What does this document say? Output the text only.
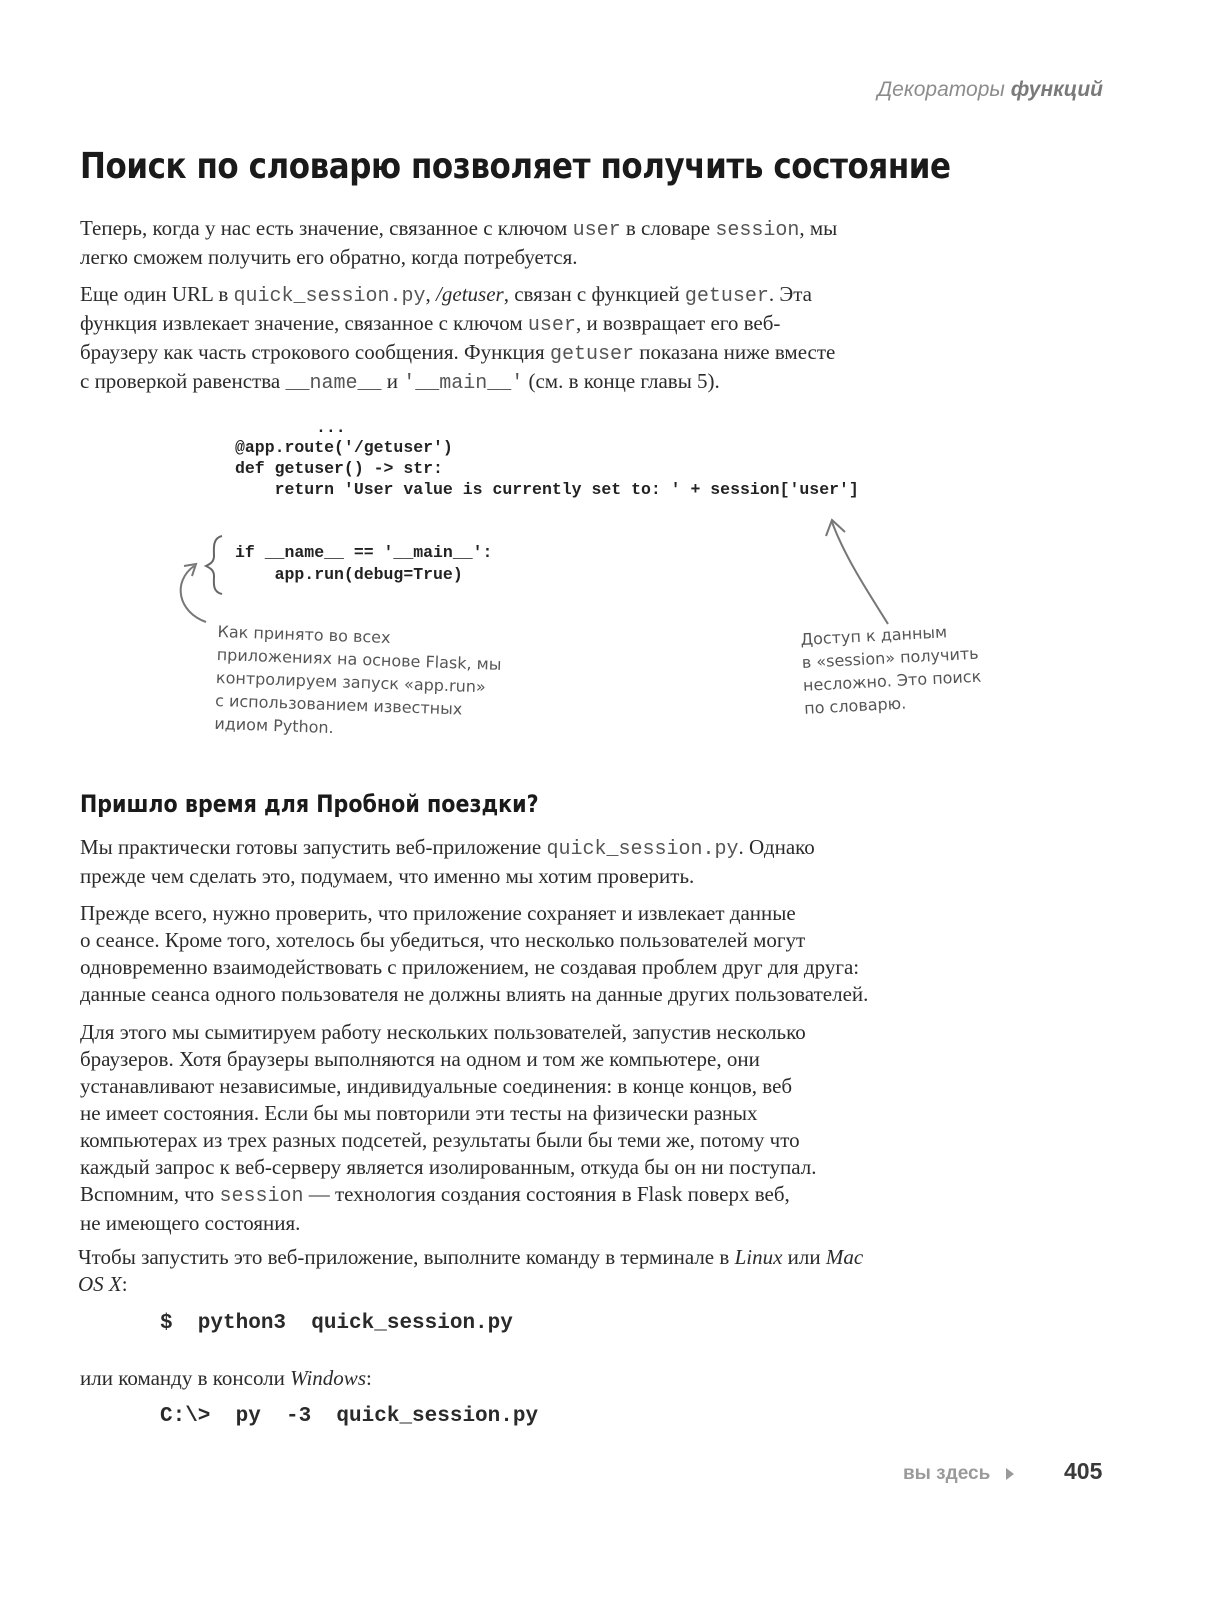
Декораторы функций
Поиск по словарю позволяет получить состояние
Теперь, когда у нас есть значение, связанное с ключом user в словаре session, мы
легко сможем получить его обратно, когда потребуется.
Еще один URL в quick_session.py, /getuser, связан с функцией getuser. Эта
функция извлекает значение, связанное с ключом user, и возвращает его веб-
браузеру как часть строкового сообщения. Функция getuser показана ниже вместе
с проверкой равенства __name__ и '__main__' (см. в конце главы 5).
...
@app.route('/getuser')
def getuser() -> str:
return 'User value is currently set to: ' + session['user']
if __name__ == '__main__':
app.run(debug=True)
Как принято во всех
приложениях на основе Flask, мы
контролируем запуск «app.run»
с использованием известных
идиом Python.
Доступ к данным
в «session» получить
несложно. Это поиск
по словарю.
Пришло время для Пробной поездки?
Мы практически готовы запустить веб-приложение quick_session.py. Однако
прежде чем сделать это, подумаем, что именно мы хотим проверить.
Прежде всего, нужно проверить, что приложение сохраняет и извлекает данные
о сеансе. Кроме того, хотелось бы убедиться, что несколько пользователей могут
одновременно взаимодействовать с приложением, не создавая проблем друг для друга:
данные сеанса одного пользователя не должны влиять на данные других пользователей.
Для этого мы сымитируем работу нескольких пользователей, запустив несколько
браузеров. Хотя браузеры выполняются на одном и том же компьютере, они
устанавливают независимые, индивидуальные соединения: в конце концов, веб
не имеет состояния. Если бы мы повторили эти тесты на физически разных
компьютерах из трех разных подсетей, результаты были бы теми же, потому что
каждый запрос к веб-серверу является изолированным, откуда бы он ни поступал.
Вспомним, что session — технология создания состояния в Flask поверх веб,
не имеющего состояния.
Чтобы запустить это веб-приложение, выполните команду в терминале в Linux или Mac
OS X:
$  python3  quick_session.py
или команду в консоли Windows:
C:\>  py  -3  quick_session.py
вы здесь	405
